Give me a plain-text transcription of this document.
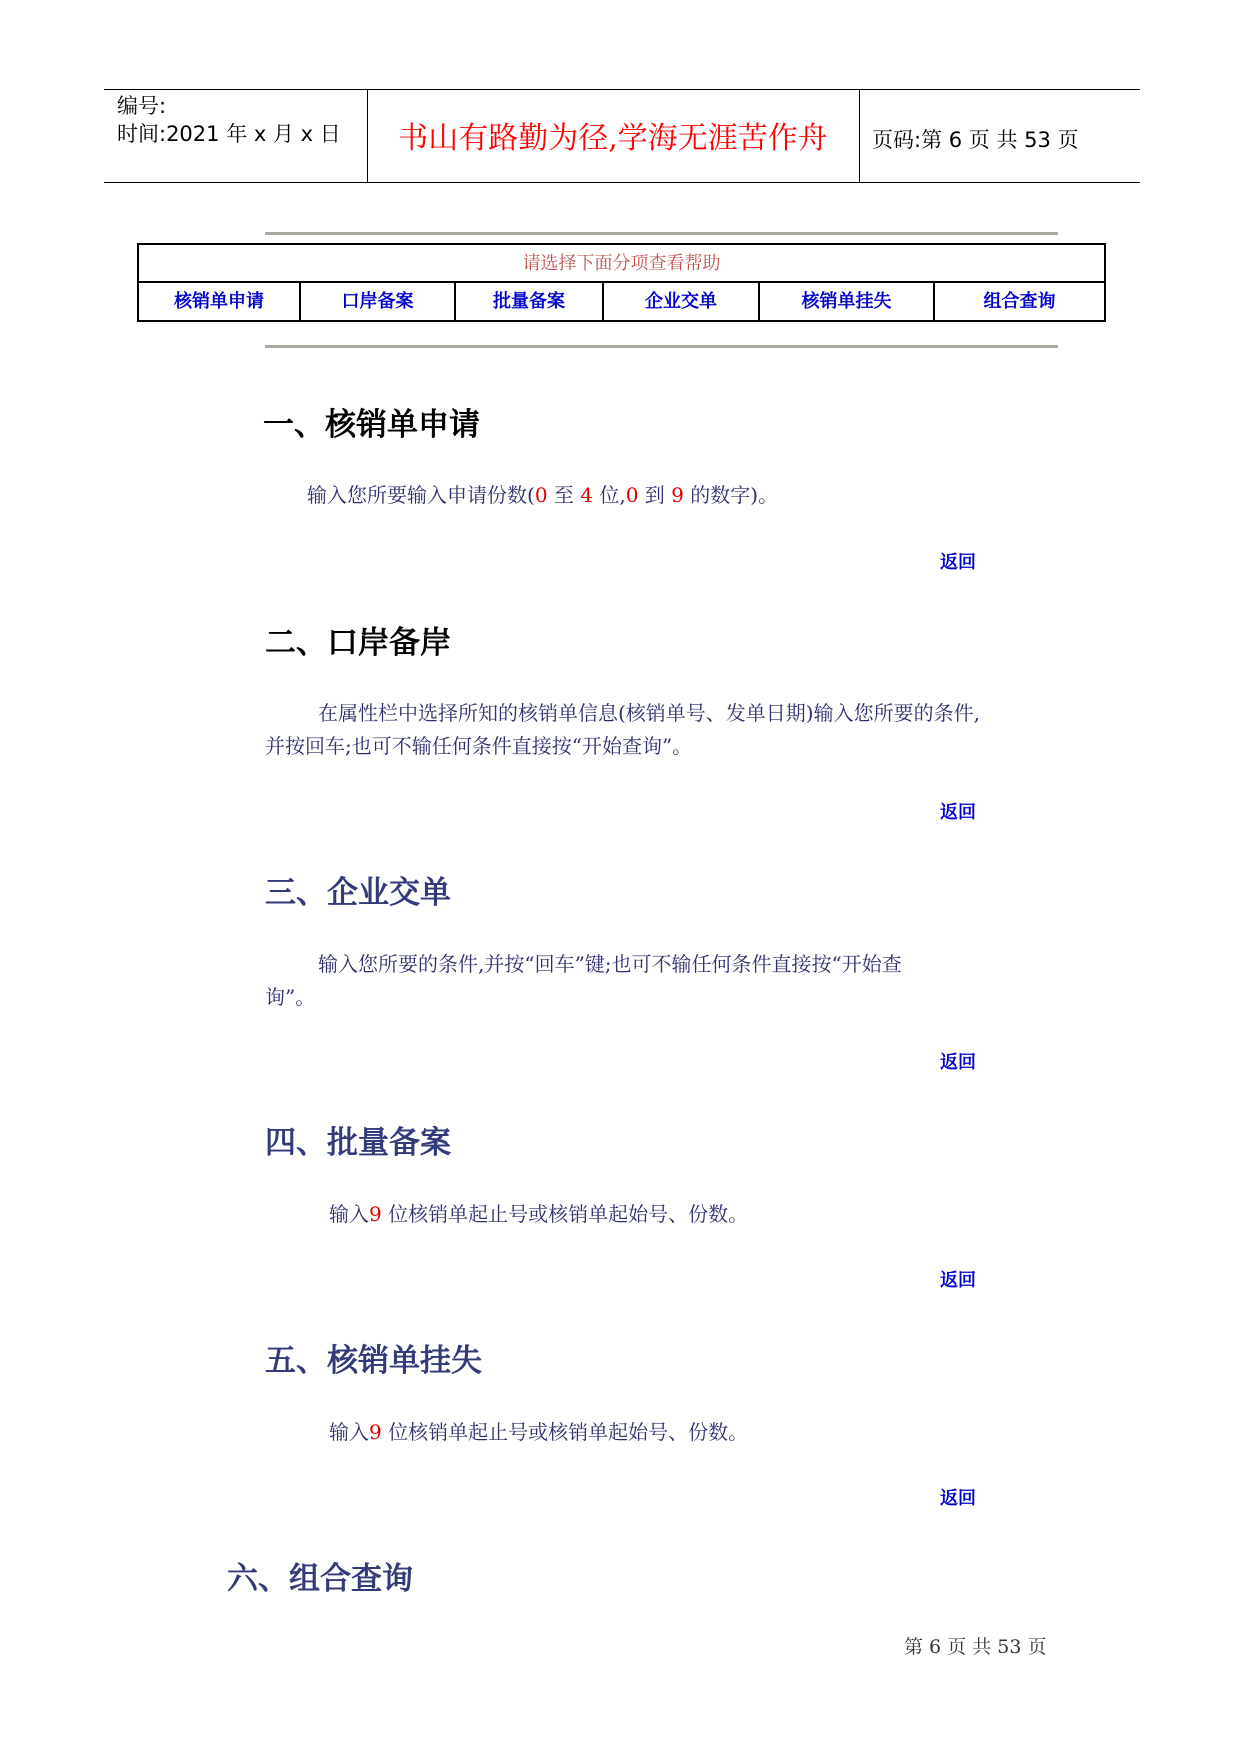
编号:
时间:2021 年 x 月 x 日	书山有路勤为径,学海无涯苦作舟	页码:第 6 页 共 53 页
请选择下面分项查看帮助
核销单申请	口岸备案	批量备案	企业交单	核销单挂失	组合查询
一、核销单申请
输入您所要输入申请份数(0 至 4 位,0 到 9 的数字)。
返回
二、口岸备岸
在属性栏中选择所知的核销单信息(核销单号、发单日期)输入您所要的条件,
并按回车;也可不输任何条件直接按“开始查询”。
返回
三、企业交单
输入您所要的条件,并按“回车”键;也可不输任何条件直接按“开始查
询”。
返回
四、批量备案
输入9 位核销单起止号或核销单起始号、份数。
返回
五、核销单挂失
输入9 位核销单起止号或核销单起始号、份数。
返回
六、组合查询
第 6 页 共 53 页
